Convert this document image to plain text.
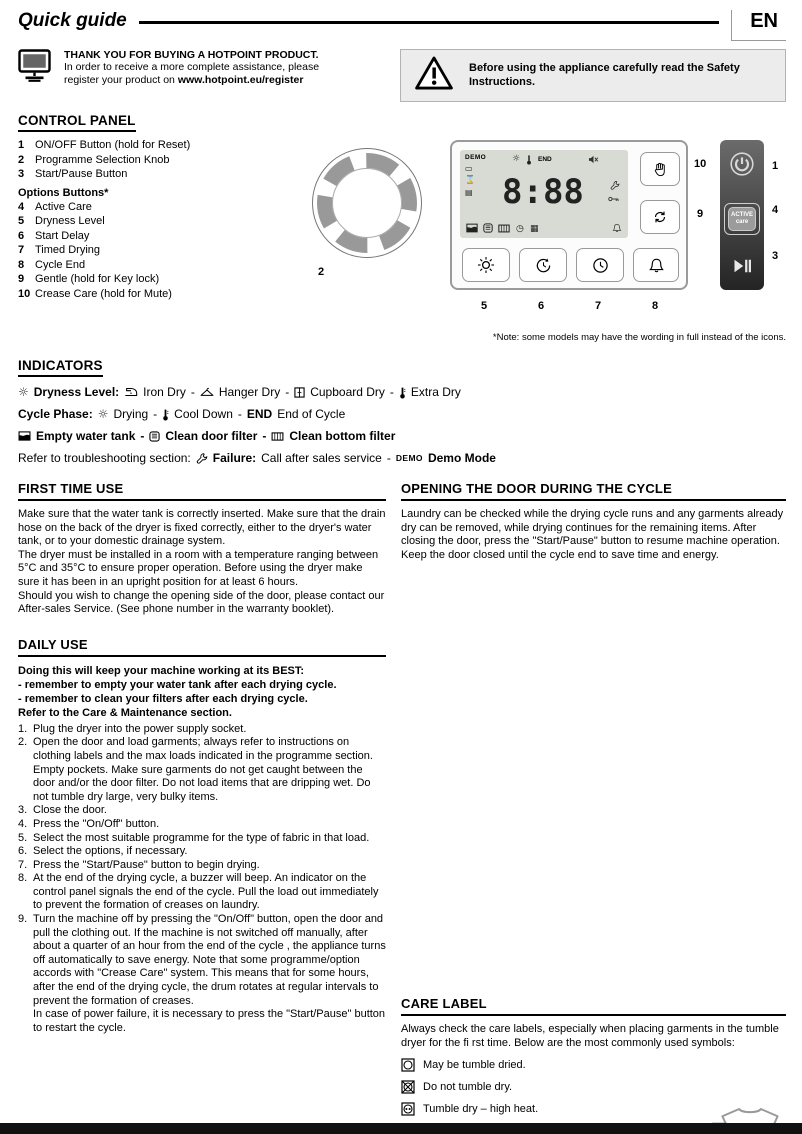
Quick guide	EN
THANK YOU FOR BUYING A HOTPOINT PRODUCT.
In order to receive a more complete assistance, please register your product on www.hotpoint.eu/register
Before using the appliance carefully read the Safety Instructions.
CONTROL PANEL
1 ON/OFF Button (hold for Reset)
2 Programme Selection Knob
3 Start/Pause Button
Options Buttons*
4 Active Care
5 Dryness Level
6 Start Delay
7 Timed Drying
8 Cycle End
9 Gentle (hold for Key lock)
10 Crease Care (hold for Mute)
2
DEMO	☼	END
▭
⌛
▤ 8:88
◷ ▦
5	6	7	8
10
9	ACTIVE
care
1
4
3
*Note: some models may have the wording in full instead of the icons.
INDICATORS
☼ Dryness Level: Iron Dry - Hanger Dry - Cupboard Dry - Extra Dry
Cycle Phase: ☼ Drying - Cool Down - END End of Cycle
Empty water tank - Clean door filter - Clean bottom filter
Refer to troubleshooting section: Failure: Call after sales service - DEMO Demo Mode
FIRST TIME USE

Make sure that the water tank is correctly inserted. Make sure that the drain hose on the back of the dryer is fixed correctly, either to the dryer's water tank, or to your domestic drainage system.

The dryer must be installed in a room with a temperature ranging between 5°C and 35°C to ensure proper operation. Before using the dryer make sure it has been in an upright position for at least 6 hours.

Should you wish to change the opening side of the door, please contact our After-sales Service. (See phone number in the warranty booklet).

DAILY USE
Doing this will keep your machine working at its BEST:
- remember to empty your water tank after each drying cycle.
- remember to clean your filters after each drying cycle.
Refer to the Care & Maintenance section.
1. Plug the dryer into the power supply socket.
2. Open the door and load garments; always refer to instructions on clothing labels and the max loads indicated in the programme section. Empty pockets. Make sure garments do not get caught between the door and/or the door filter. Do not load items that are dripping wet. Do not tumble dry large, very bulky items.
3. Close the door.
4. Press the "On/Off" button.
5. Select the most suitable programme for the type of fabric in that load.
6. Select the options, if necessary.
7. Press the "Start/Pause" button to begin drying.
8. At the end of the drying cycle, a buzzer will beep. An indicator on the control panel signals the end of the cycle. Pull the load out immediately to prevent the formation of creases on laundry.
9. Turn the machine off by pressing the "On/Off" button, open the door and pull the clothing out. If the machine is not switched off manually, after about a quarter of an hour from the end of the cycle , the appliance turns off automatically to save energy. Note that some programme/option accords with "Crease Care" system. This means that for some hours, after the end of the drying cycle, the drum rotates at regular intervals to prevent the formation of creases.
In case of power failure, it is necessary to press the "Start/Pause" button to restart the cycle.
OPENING THE DOOR DURING THE CYCLE

Laundry can be checked while the drying cycle runs and any garments already dry can be removed, while drying continues for the remaining items. After closing the door, press the "Start/Pause" button to resume machine operation.

Keep the door closed until the cycle end to save time and energy.

CARE LABEL

Always check the care labels, especially when placing garments in the tumble dryer for the fi rst time. Below are the most commonly used symbols:

May be tumble dried.
Do not tumble dry.
Tumble dry – high heat.
